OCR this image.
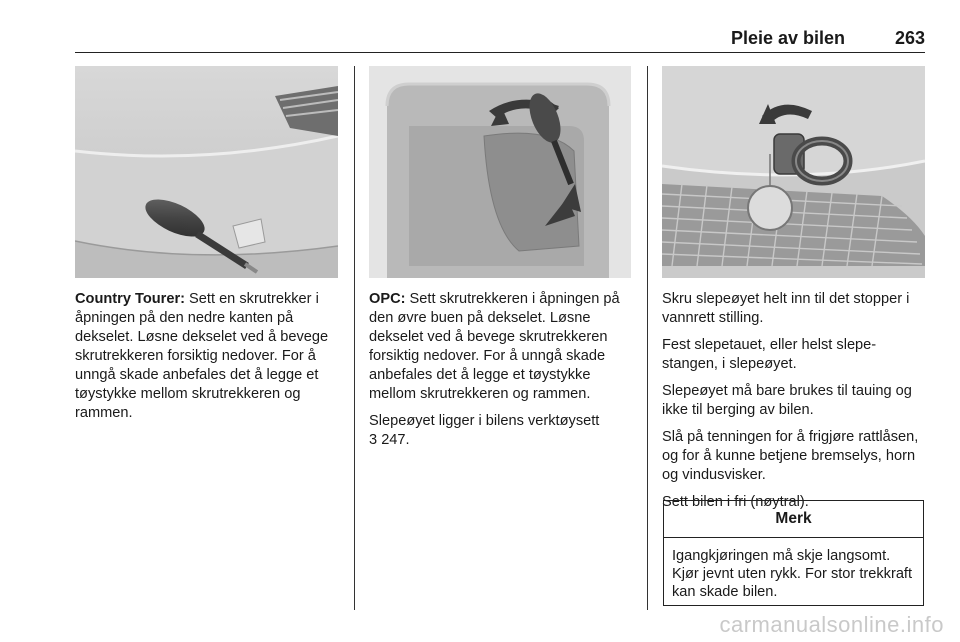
Pleie av bilen	263

Country Tourer: Sett en skrutrekker i åpningen på den nedre kanten på dekselet. Løsne dekselet ved å bevege skrutrekkeren forsiktig nedover. For å unngå skade anbefales det å legge et tøystykke mellom skrutrekkeren og rammen.

OPC: Sett skrutrekkeren i åpningen på den øvre buen på dekselet. Løsne dekselet ved å bevege skrutrekkeren forsiktig nedover. For å unngå skade anbefales det å legge et tøystykke mellom skrutrekkeren og rammen.

Slepeøyet ligger i bilens verktøysett
3 247.

Skru slepeøyet helt inn til det stopper i vannrett stilling.

Fest slepetauet, eller helst slepestangen, i slepeøyet.

Slepeøyet må bare brukes til tauing og ikke til berging av bilen.

Slå på tenningen for å frigjøre rattlåsen, og for å kunne betjene bremselys, horn og vindusvisker.

Sett bilen i fri (nøytral).

Merk
Igangkjøringen må skje langsomt. Kjør jevnt uten rykk. For stor trekkraft kan skade bilen.
carmanualsonline.info
